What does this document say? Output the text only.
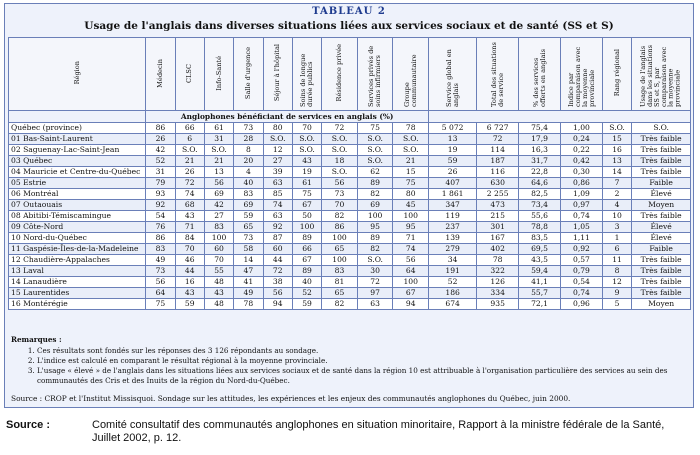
TABLEAU 2
Usage de l'anglais dans diverses situations liées aux services sociaux et de santé (SS et S)
Région	Médecin	CLSC	Info-Santé	Salle d'urgence	Séjour à l'hôpital	Soins de longue durée publics	Résidence privée	Services privés de soins infirmiers	Groupe communautaire	Service global en anglais	Total des situations de service	% des services offerts en anglais	Indice par comparaison avec la moyenne provinciale	Rang régional	Usage de l'anglais dans les situations SS et S, par comparaison avec la moyenne provinciale
	Anglophones bénéficiant de services en anglais (%)														
Québec (province)	86	66	61	73	80	70	72	75	78	5 072	6 727	75,4	1,00	S.O.	S.O.
01 Bas-Saint-Laurent	26	6	31	28	S.O.	S.O.	S.O.	S.O.	S.O.	13	72	17,9	0,24	15	Très faible
02 Saguenay-Lac-Saint-Jean	42	S.O.	S.O.	8	12	S.O.	S.O.	S.O.	S.O.	19	114	16,3	0,22	16	Très faible
03 Québec	52	21	21	20	27	43	18	S.O.	21	59	187	31,7	0,42	13	Très faible
04 Mauricie et Centre-du-Québec	31	26	13	4	39	19	S.O.	62	15	26	116	22,8	0,30	14	Très faible
05 Estrie	79	72	56	40	63	61	56	89	75	407	630	64,6	0,86	7	Faible
06 Montréal	93	74	69	83	85	75	73	82	80	1 861	2 255	82,5	1,09	2	Élevé
07 Outaouais	92	68	42	69	74	67	70	69	45	347	473	73,4	0,97	4	Moyen
08 Abitibi-Témiscamingue	54	43	27	59	63	50	82	100	100	119	215	55,6	0,74	10	Très faible
09 Côte-Nord	76	71	83	65	92	100	86	95	95	237	301	78,8	1,05	3	Élevé
10 Nord-du-Québec	86	84	100	73	87	89	100	89	71	139	167	83,5	1,11	1	Élevé
11 Gaspésie-Îles-de-la-Madeleine	83	70	60	58	60	66	65	82	74	279	402	69,5	0,92	6	Faible
12 Chaudière-Appalaches	49	46	70	14	44	67	100	S.O.	56	34	78	43,5	0,57	11	Très faible
13 Laval	73	44	55	47	72	89	83	30	64	191	322	59,4	0,79	8	Très faible
14 Lanaudière	56	16	48	41	38	40	81	72	100	52	126	41,1	0,54	12	Très faible
15 Laurentides	64	43	43	49	56	52	65	97	67	186	334	55,7	0,74	9	Très faible
16 Montérégie	75	59	48	78	94	59	82	63	94	674	935	72,1	0,96	5	Moyen
Remarques :
1. Ces résultats sont fondés sur les réponses des 3 126 répondants au sondage.
2. L'indice est calculé en comparant le résultat régional à la moyenne provinciale.
3. L'usage « élevé » de l'anglais dans les situations liées aux services sociaux et de santé dans la région 10 est attribuable à l'organisation particulière des services au sein des communautés des Cris et des Inuits de la région du Nord-du-Québec.
Source : CROP et l'Institut Missisquoi. Sondage sur les attitudes, les expériences et les enjeux des communautés anglophones du Québec, juin 2000.
Source :	Comité consultatif des communautés anglophones en situation minoritaire, Rapport à la ministre fédérale de la Santé, Juillet 2002, p. 12.
